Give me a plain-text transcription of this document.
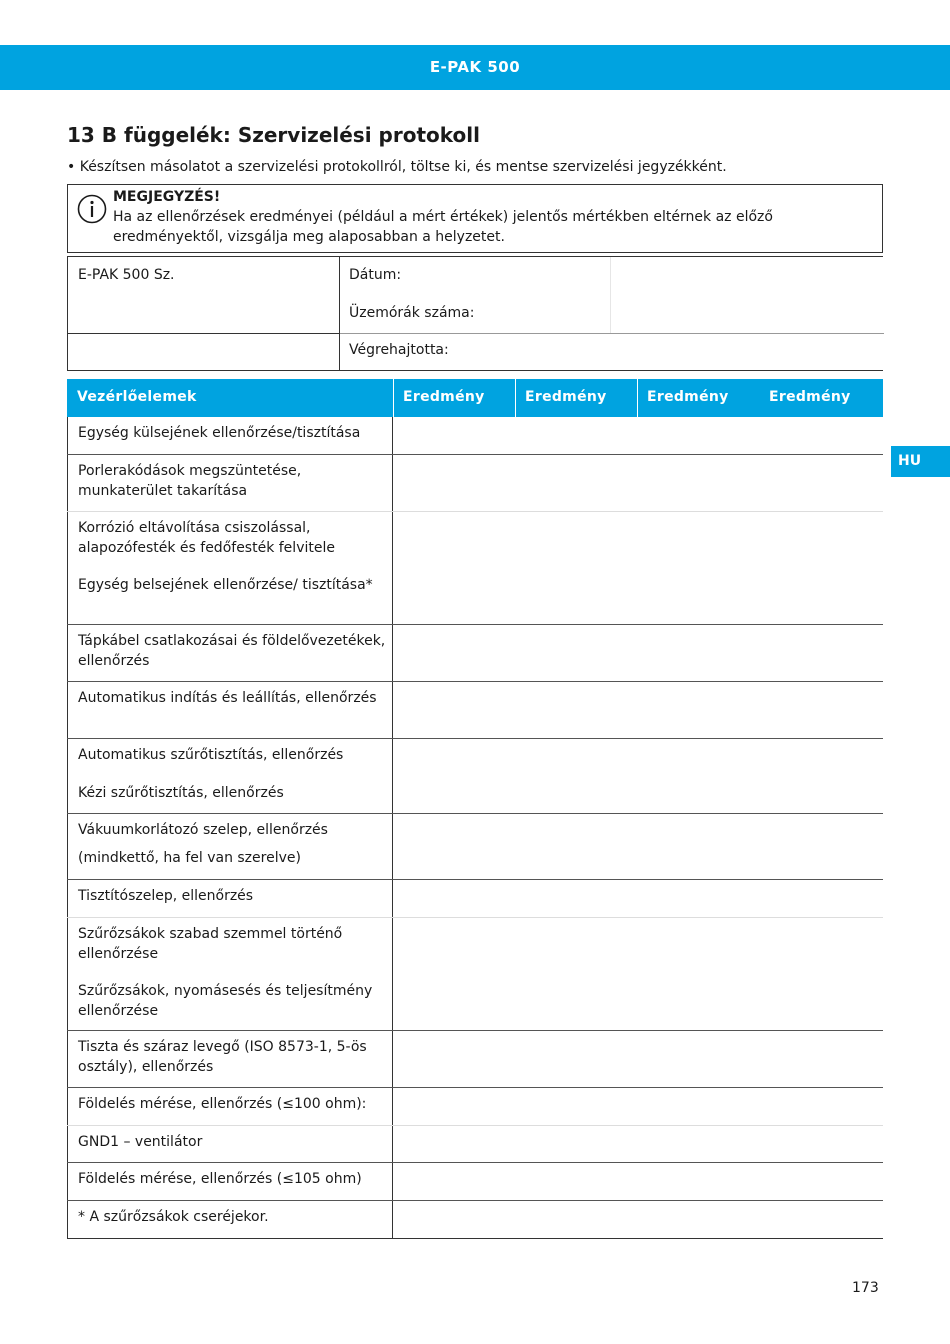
E-PAK 500
HU
13 B függelék: Szervizelési protokoll
• Készítsen másolatot a szervizelési protokollról, töltse ki, és mentse szervizelési jegyzékként.
MEGJEGYZÉS!
Ha az ellenőrzések eredményei (például a mért értékek) jelentős mértékben eltérnek az előző eredményektől, vizsgálja meg alaposabban a helyzetet.
E-PAK 500 Sz.	Dátum:
Üzemórák száma:
Végrehajtotta:
Vezérlőelemek	Eredmény	Eredmény	Eredmény	Eredmény
Egység külsejének ellenőrzése/tisztítása
Porlerakódások megszüntetése, munkaterület takarítása
Korrózió eltávolítása csiszolással, alapozófesték és fedőfesték felvitele
Egység belsejének ellenőrzése/ tisztítása*
Tápkábel csatlakozásai és földelővezetékek, ellenőrzés
Automatikus indítás és leállítás, ellenőrzés
Automatikus szűrőtisztítás, ellenőrzés
Kézi szűrőtisztítás, ellenőrzés
Vákuumkorlátozó szelep, ellenőrzés
(mindkettő, ha fel van szerelve)
Tisztítószelep, ellenőrzés
Szűrőzsákok szabad szemmel történő ellenőrzése
Szűrőzsákok, nyomásesés és teljesítmény ellenőrzése
Tiszta és száraz levegő (ISO 8573-1, 5-ös osztály), ellenőrzés
Földelés mérése, ellenőrzés (≤100 ohm):
GND1 – ventilátor
Földelés mérése, ellenőrzés (≤105 ohm)
* A szűrőzsákok cseréjekor.
173
